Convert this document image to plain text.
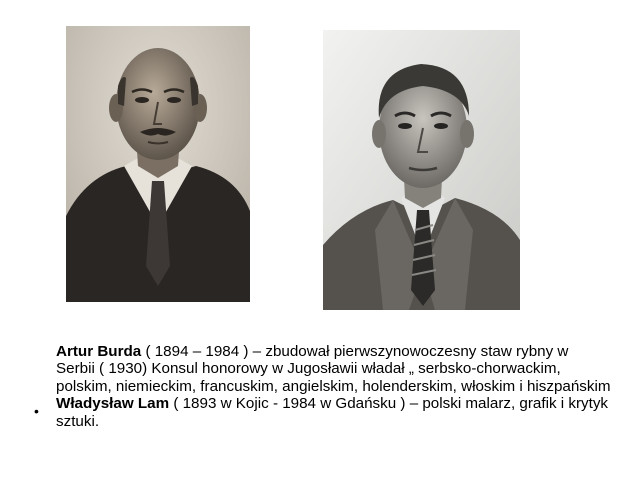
•

Artur Burda ( 1894 – 1984 ) – zbudował pierwszynowoczesny staw rybny w Serbii ( 1930) Konsul honorowy w Jugosławii władał „ serbsko-chorwackim, polskim, niemieckim, francuskim, angielskim, holenderskim, włoskim i hiszpańskim

Władysław Lam ( 1893 w Kojic - 1984 w Gdańsku ) – polski malarz, grafik i krytyk sztuki.
